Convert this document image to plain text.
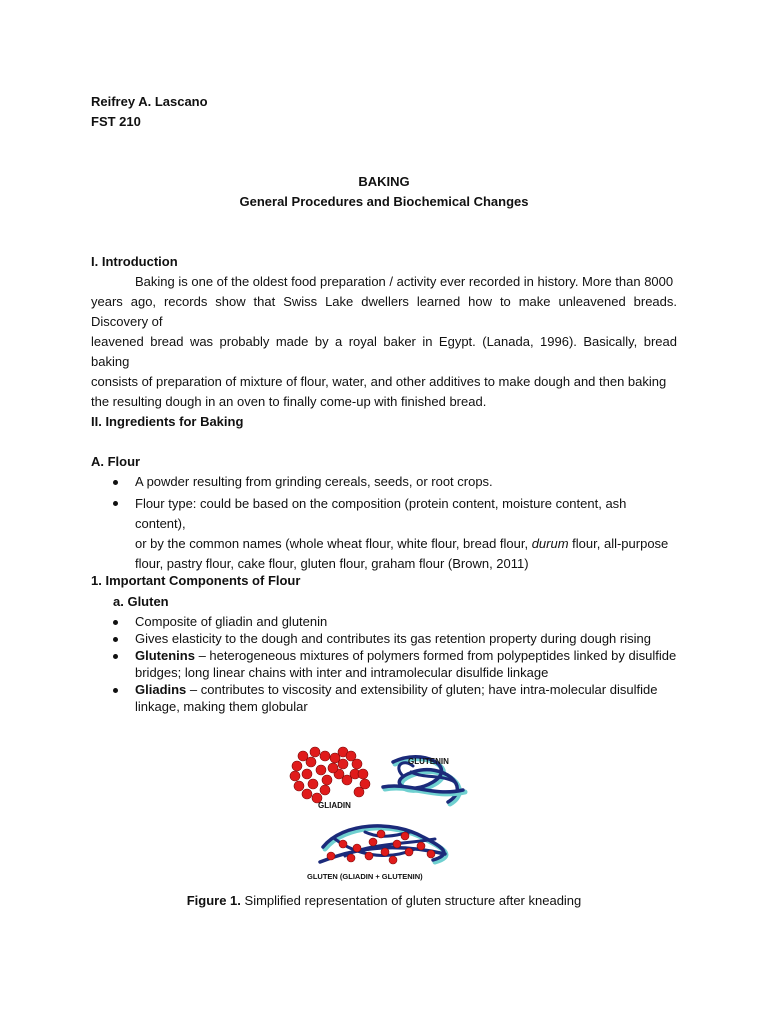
Reifrey A. Lascano
FST 210
BAKING
General Procedures and Biochemical Changes
I. Introduction
Baking is one of the oldest food preparation / activity ever recorded in history. More than 8000
years ago, records show that Swiss Lake dwellers learned how to make unleavened breads. Discovery of
leavened bread was probably made by a royal baker in Egypt. (Lanada, 1996). Basically, bread baking
consists of preparation of mixture of flour, water, and other additives to make dough and then baking
the resulting dough in an oven to finally come-up with finished bread.
II. Ingredients for Baking
A. Flour
A powder resulting from grinding cereals, seeds, or root crops.
Flour type: could be based on the composition (protein content, moisture content, ash content),
or by the common names (whole wheat flour, white flour, bread flour, durum flour, all-purpose
flour, pastry flour, cake flour, gluten flour, graham flour (Brown, 2011)
1. Important Components of Flour
a. Gluten
Composite of gliadin and glutenin
Gives elasticity to the dough and contributes its gas retention property during dough rising
Glutenins – heterogeneous mixtures of polymers formed from polypeptides linked by disulfide
bridges; long linear chains with inter and intramolecular disulfide linkage
Gliadins – contributes to viscosity and extensibility of gluten; have intra-molecular disulfide
linkage, making them globular
GLUTENIN
GLIADIN
GLUTEN (GLIADIN + GLUTENIN)
Figure 1. Simplified representation of gluten structure after kneading
